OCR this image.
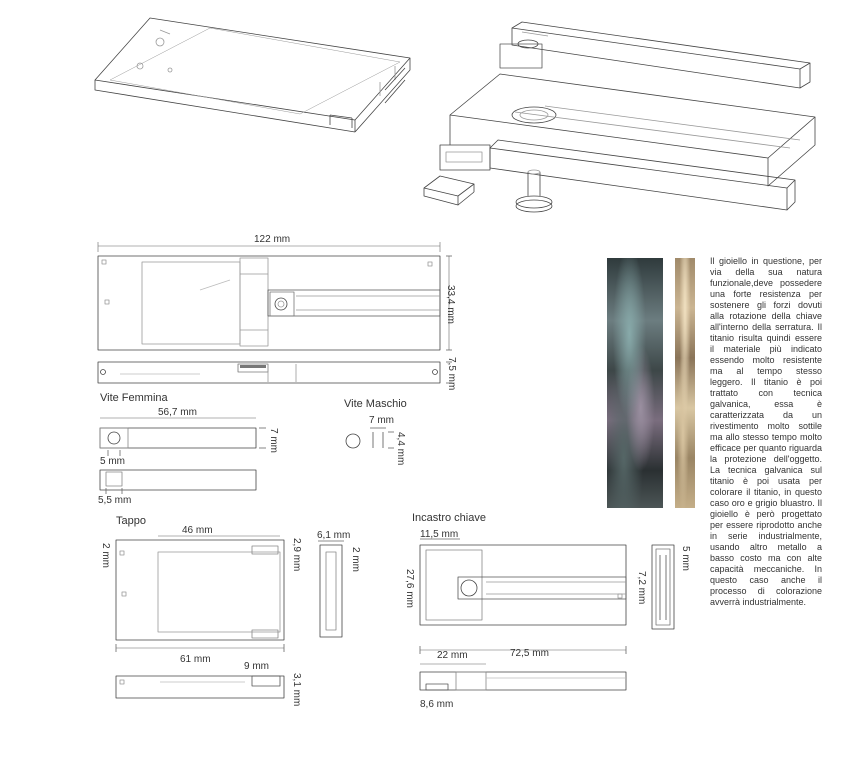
122 mm
33,4 mm
7,5 mm
Vite Femmina
56,7 mm
7 mm
5 mm
5,5 mm
Vite Maschio
7 mm
4,4 mm
Tappo
46 mm
2 mm	2,9 mm
6,1 mm
2 mm
61 mm
9 mm
3,1 mm
Incastro chiave
11,5 mm
27,6 mm	7,2 mm
5 mm
72,5 mm
22 mm
8,6 mm

Il gioiello in questione, per via della sua natura funzionale,deve possedere una forte resistenza per sostenere gli forzi dovuti alla rotazione della chiave all'interno della serratura. Il titanio risulta quindi essere il materiale più indicato essendo molto resistente ma al tempo stesso leggero. Il titanio è poi trattato con tecnica galvanica, essa è caratterizzata da un rivestimento molto sottile ma allo stesso tempo molto efficace per quanto riguarda la protezione dell'oggetto. La tecnica galvanica sul titanio è poi usata per colorare il titanio, in questo caso oro e grigio bluastro. Il gioiello è però progettato per essere riprodotto anche in serie industrialmente, usando altro metallo a basso costo ma con alte capacità meccaniche. In questo caso anche il processo di colorazione avverrà industrialmente.
